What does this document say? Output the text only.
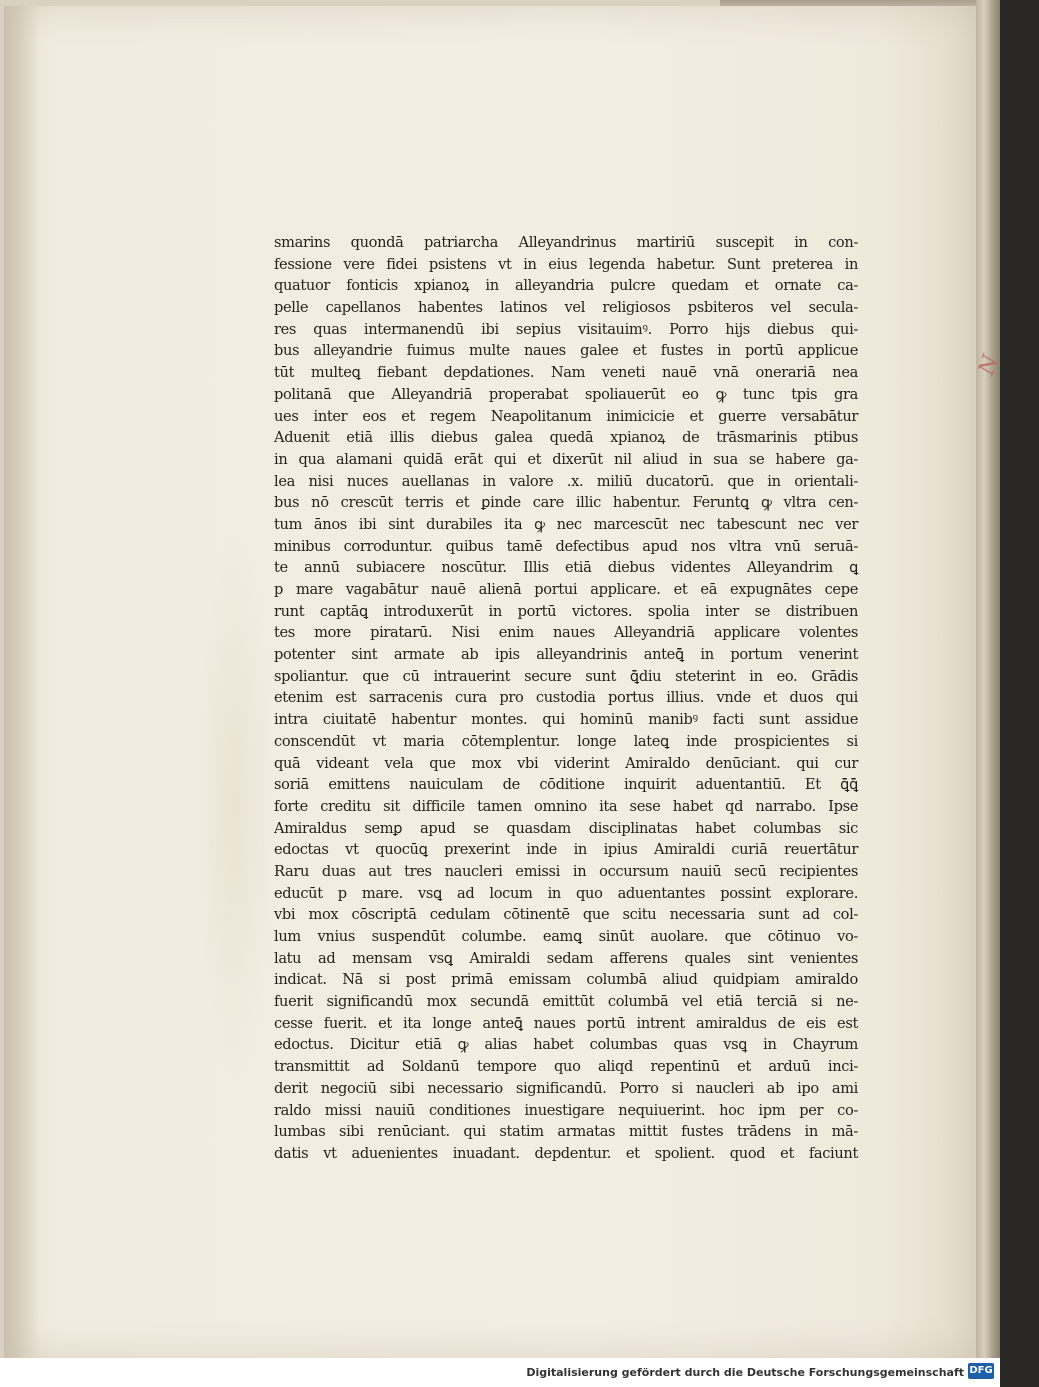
smarins quondā patriarcha Alleyandrinus martiriū suscepit in con-
fessione vere fidei psistens vt in eius legenda habetur. Sunt preterea in
quatuor fonticis xpianoꝝ in alleyandria pulcre quedam et ornate ca-
pelle capellanos habentes latinos vel religiosos psbiteros vel secula-
res quas intermanendū ibi sepius visitauimꝰ. Porro hijs diebus qui-
bus alleyandrie fuimus multe naues galee et fustes in portū applicue
tūt multeꝗ fiebant depdationes. Nam veneti nauē vnā onerariā nea
politanā que Alleyandriā properabat spoliauerūt eo ꝙ tunc tpis gra
ues inter eos et regem Neapolitanum inimicicie et guerre versabātur
Aduenit etiā illis diebus galea quedā xpianoꝝ de trāsmarinis ptibus
in qua alamani quidā erāt qui et dixerūt nil aliud in sua se habere ga-
lea nisi nuces auellanas in valore .x. miliū ducatorū. que in orientali-
bus nō crescūt terris et ꝑinde care illic habentur. Feruntꝗ ꝙ vltra cen-
tum ānos ibi sint durabiles ita ꝙ nec marcescūt nec tabescunt nec ver
minibus corroduntur. quibus tamē defectibus apud nos vltra vnū seruā-
te annū subiacere noscūtur. Illis etiā diebus videntes Alleyandrim ꝗ
p mare vagabātur nauē alienā portui applicare. et eā expugnātes cepe
runt captāꝗ introduxerūt in portū victores. spolia inter se distribuen
tes more piratarū. Nisi enim naues Alleyandriā applicare volentes
potenter sint armate ab ipis alleyandrinis anteꝗ̄ in portum venerint
spoliantur. que cū intrauerint secure sunt ꝗ̄diu steterint in eo. Grādis
etenim est sarracenis cura pro custodia portus illius. vnde et duos qui
intra ciuitatē habentur montes. qui hominū manibꝰ facti sunt assidue
conscendūt vt maria cōtemplentur. longe lateꝗ inde prospicientes si
quā videant vela que mox vbi viderint Amiraldo denūciant. qui cur
soriā emittens nauiculam de cōditione inquirit aduentantiū. Et ꝗ̄ꝗ̄
forte creditu sit difficile tamen omnino ita sese habet qd narrabo. Ipse
Amiraldus semꝑ apud se quasdam disciplinatas habet columbas sic
edoctas vt quocūꝗ prexerint inde in ipius Amiraldi curiā reuertātur
Raru duas aut tres naucleri emissi in occursum nauiū secū recipientes
educūt p mare. vsꝗ ad locum in quo aduentantes possint explorare.
vbi mox cōscriptā cedulam cōtinentē que scitu necessaria sunt ad col-
lum vnius suspendūt columbe. eamꝗ sinūt auolare. que cōtinuo vo-
latu ad mensam vsꝗ Amiraldi sedam afferens quales sint venientes
indicat. Nā si post primā emissam columbā aliud quidpiam amiraldo
fuerit significandū mox secundā emittūt columbā vel etiā terciā si ne-
cesse fuerit. et ita longe anteꝗ̄ naues portū intrent amiraldus de eis est
edoctus. Dicitur etiā ꝙ alias habet columbas quas vsꝗ in Chayrum
transmittit ad Soldanū tempore quo aliqd repentinū et arduū inci-
derit negociū sibi necessario significandū. Porro si naucleri ab ipo ami
raldo missi nauiū conditiones inuestigare nequiuerint. hoc ipm per co-
lumbas sibi renūciant. qui statim armatas mittit fustes trādens in mā-
datis vt aduenientes inuadant. depdentur. et spolient. quod et faciunt
N
Digitalisierung gefördert durch die Deutsche Forschungsgemeinschaft DFG
